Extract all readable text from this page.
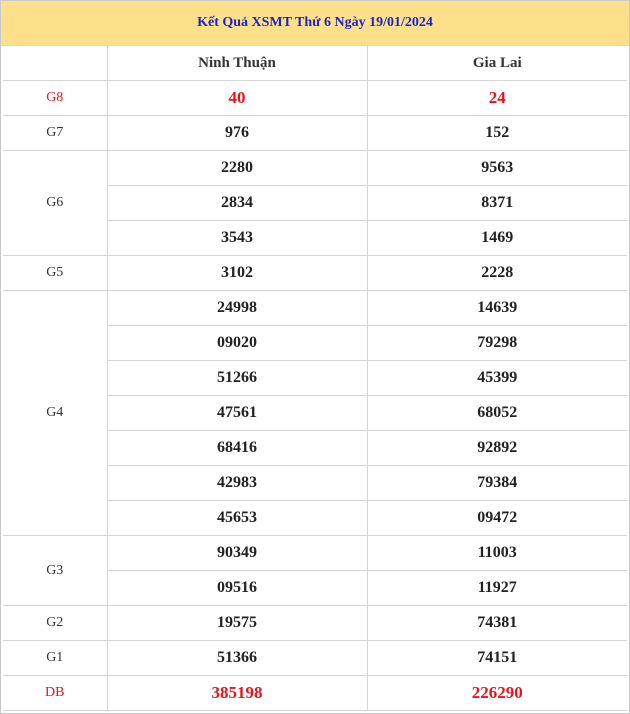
Kết Quả XSMT Thứ 6 Ngày 19/01/2024
	Ninh Thuận	Gia Lai
G8	40	24
G7	976	152
G6	2280	9563
	2834	8371
	3543	1469
G5	3102	2228
G4	24998	14639
	09020	79298
	51266	45399
	47561	68052
	68416	92892
	42983	79384
	45653	09472
G3	90349	11003
	09516	11927
G2	19575	74381
G1	51366	74151
DB	385198	226290
